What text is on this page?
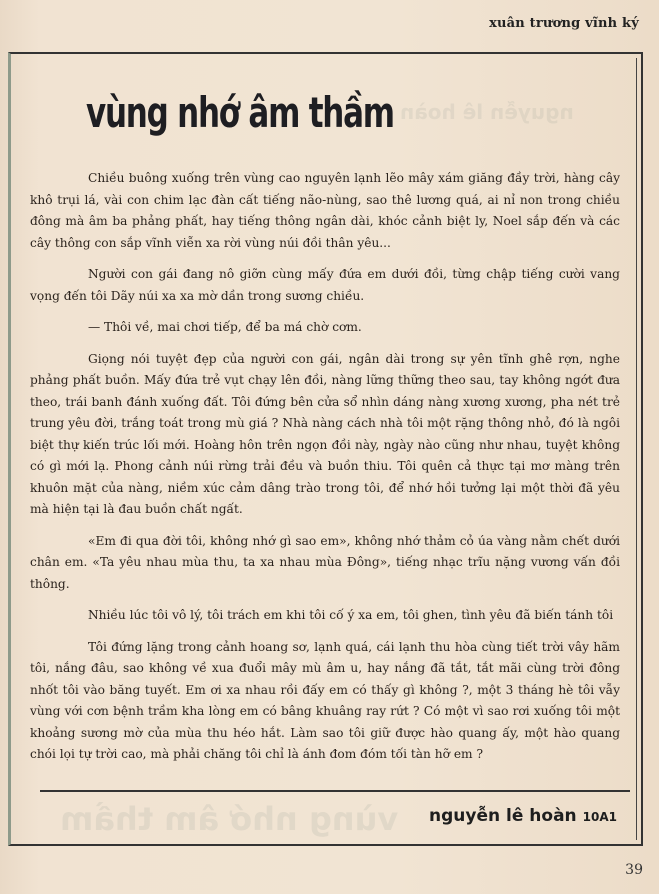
xuân trương vĩnh ký
nguyễn lê hoàn
vùng nhớ âm thầm
vùng nhớ âm thầm

Chiều buông xuống trên vùng cao nguyên lạnh lẽo mây xám giăng đầy trời, hàng cây khô trụi lá, vài con chim lạc đàn cất tiếng não-nùng, sao thê lương quá, ai nỉ non trong chiều đông mà âm ba phảng phất, hay tiếng thông ngân dài, khóc cảnh biệt ly, Noel sắp đến và các cây thông con sắp vĩnh viễn xa rời vùng núi đồi thân yêu...

Người con gái đang nô giỡn cùng mấy đứa em dưới đồi, từng chập tiếng cười vang vọng đến tôi Dãy núi xa xa mờ dần trong sương chiều.

— Thôi về, mai chơi tiếp, để ba má chờ cơm.

Giọng nói tuyệt đẹp của người con gái, ngân dài trong sự yên tĩnh ghê rợn, nghe phảng phất buồn. Mấy đứa trẻ vụt chạy lên đồi, nàng lững thững theo sau, tay không ngớt đưa theo, trái banh đánh xuống đất. Tôi đứng bên cửa sổ nhìn dáng nàng xương xương, pha nét trẻ trung yêu đời, trắng toát trong mù giá ? Nhà nàng cách nhà tôi một rặng thông nhỏ, đó là ngôi biệt thự kiến trúc lối mới. Hoàng hôn trên ngọn đồi này, ngày nào cũng như nhau, tuyệt không có gì mới lạ. Phong cảnh núi rừng trải đều và buồn thiu. Tôi quên cả thực tại mơ màng trên khuôn mặt của nàng, niềm xúc cảm dâng trào trong tôi, để nhớ hồi tưởng lại một thời đã yêu mà hiện tại là đau buồn chất ngất.

«Em đi qua đời tôi, không nhớ gì sao em», không nhớ thảm cỏ úa vàng nằm chết dưới chân em. «Ta yêu nhau mùa thu, ta xa nhau mùa Đông», tiếng nhạc trĩu nặng vương vấn đồi thông.

Nhiều lúc tôi vô lý, tôi trách em khi tôi cố ý xa em, tôi ghen, tình yêu đã biến tánh tôi

Tôi đứng lặng trong cảnh hoang sơ, lạnh quá, cái lạnh thu hòa cùng tiết trời vây hãm tôi, nắng đâu, sao không về xua đuổi mây mù âm u, hay nắng đã tắt, tắt mãi cùng trời đông nhốt tôi vào băng tuyết. Em ơi xa nhau rồi đấy em có thấy gì không ?, một 3 tháng hè tôi vẫy vùng với cơn bệnh trầm kha lòng em có bâng khuâng ray rứt ? Có một vì sao rơi xuống tôi một khoảng sương mờ của mùa thu héo hắt. Làm sao tôi giữ được hào quang ấy, một hào quang chói lọi tự trời cao, mà phải chăng tôi chỉ là ánh đom đóm tối tàn hỡ em ?

nguyễn lê hoàn 10A1
39
